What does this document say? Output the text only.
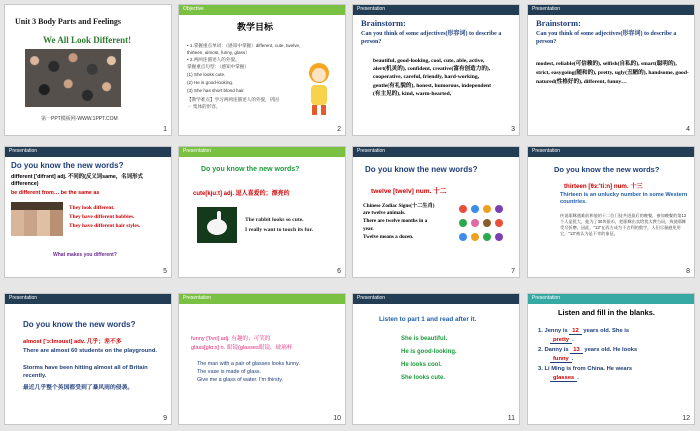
Unit 3 Body Parts and Feelings
We All Look Different!
第一PPT模板网-WWW.1PPT.COM
1
Objective
教学目标
• 1.掌握重点单词：（感知中掌握）different, cute, twelve,
thirteen, almost, funny, glass）
• 2.两两连描述人的外貌。
掌握重点句型：（感知中掌握）
(1) She looks cute.
(2) He is good-looking.
(3) She has short blond hair.
【教学难点】学习两两连描述人的外貌，巩固
一 集体的形容。
2
Presentation
Brainstorm:
Can you think of some adjectives(形容词) to describe a person?
beautiful, good-looking, cool, cute, able, active, alert(机灵的), confident, creative(富有创造力的), cooperative, careful, friendly, hard-working, gentle(有礼貌的), honest, humorous, independent (有主见的), kind, warm-hearted,
3
Presentation
Brainstorm:
Can you think of some adjectives(形容词) to describe a person?
modest, reliable(可信赖的), selfish(自私的), smart(聪明的), strict, easygoing(随和的), pretty, ugly(丑陋的), handsome, good-natured(性格好的), different, funny…
4
Presentation
Do you know the new words?
different ['difrənt] adj. 不同的(反义词same，名词形式difference)
be different from… be the same as
They look different.
They have different hobbies.
They have different hair styles.
What makes you different?
5
Presentation
Do you know the new words?
cute[kju:t] adj. 逗人喜爱的；漂亮的
The rabbit looks so cute.
I really want to touch its fur.
6
Presentation
Do you know the new words?
twelve [twelv] num. 十二
Chinese Zodiac Signs(十二生肖)
are twelve animals.
There are twelve months in a
year.
Twelve means a dozen.
7
Presentation
Do you know the new words?
thirteen [θɜ:'ti:n] num. 十三
Thirteen is an unlucky number in some Western countries.
传说耶稣遇难前和他的十二位门徒共进最后的晚餐，参加晚餐的第13个人是犹大，他为了30块银币，把耶稣出卖给犹太教当局，致使耶稣受尽折磨。因此，"13"在西方成为不吉利的数字，人们尽量避免用它，"13"被认为是不幸的象征。
8
Presentation
Do you know the new words?
almost ['ɔ:lməust] adv. 几乎；差不多
There are almost 60 students on the playground.
Storms have been hitting almost all of Britain recently.
最近几乎整个英国都受到了暴风雨的侵袭。
9
Presentation
funny ['fʌni] adj. 有趣的；可笑的
glass[glɑ:s] n. 眼镜(glasses眼镜，玻璃杯
The man with a pair of glasses looks funny.
The vase is made of glass.
Give me a glass of water. I'm thirsty.
10
Presentation
Listen to part 1 and read after it.
She is beautiful.
He is good-looking.
He looks cool.
She looks cute.
11
Presentation
Listen and fill in the blanks.
1. Jenny is 12 years old. She is
pretty .
2. Danny is 13 years old. He looks
funny .
3. Li Ming is from China. He wears
glasses .
12
